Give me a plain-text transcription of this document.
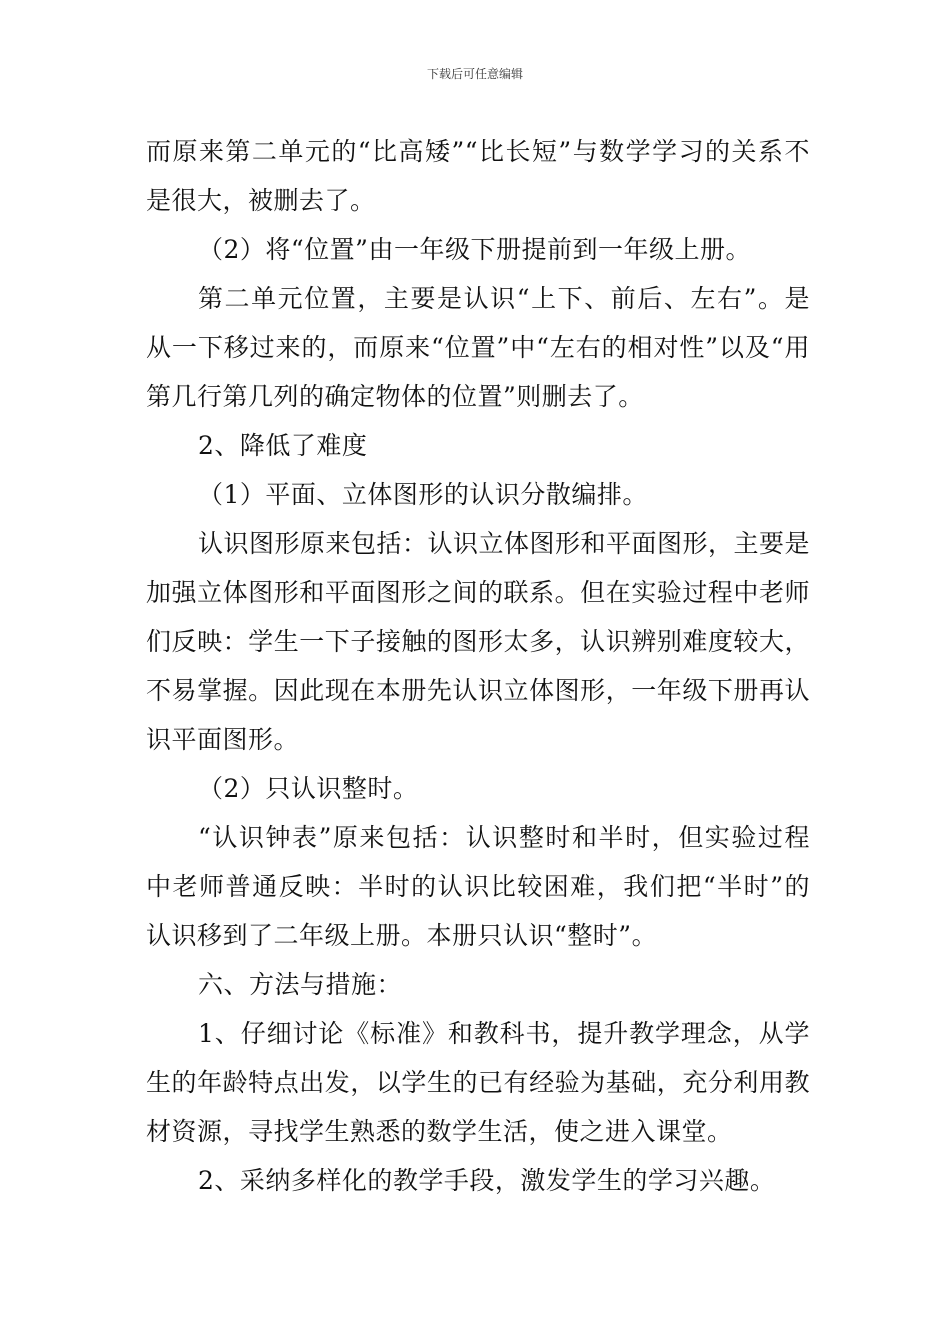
下载后可任意编辑

而原来第二单元的“比高矮”“比长短”与数学学习的关系不是很大，被删去了。

（2）将“位置”由一年级下册提前到一年级上册。

第二单元位置，主要是认识“上下、前后、左右”。是从一下移过来的，而原来“位置”中“左右的相对性”以及“用第几行第几列的确定物体的位置”则删去了。

2、降低了难度

（1）平面、立体图形的认识分散编排。

认识图形原来包括：认识立体图形和平面图形，主要是加强立体图形和平面图形之间的联系。但在实验过程中老师们反映：学生一下子接触的图形太多，认识辨别难度较大，不易掌握。因此现在本册先认识立体图形，一年级下册再认识平面图形。

（2）只认识整时。

“认识钟表”原来包括：认识整时和半时，但实验过程中老师普通反映：半时的认识比较困难，我们把“半时”的认识移到了二年级上册。本册只认识“整时”。

六、方法与措施：

1、仔细讨论《标准》和教科书，提升教学理念，从学生的年龄特点出发，以学生的已有经验为基础，充分利用教材资源，寻找学生熟悉的数学生活，使之进入课堂。

2、采纳多样化的教学手段，激发学生的学习兴趣。
